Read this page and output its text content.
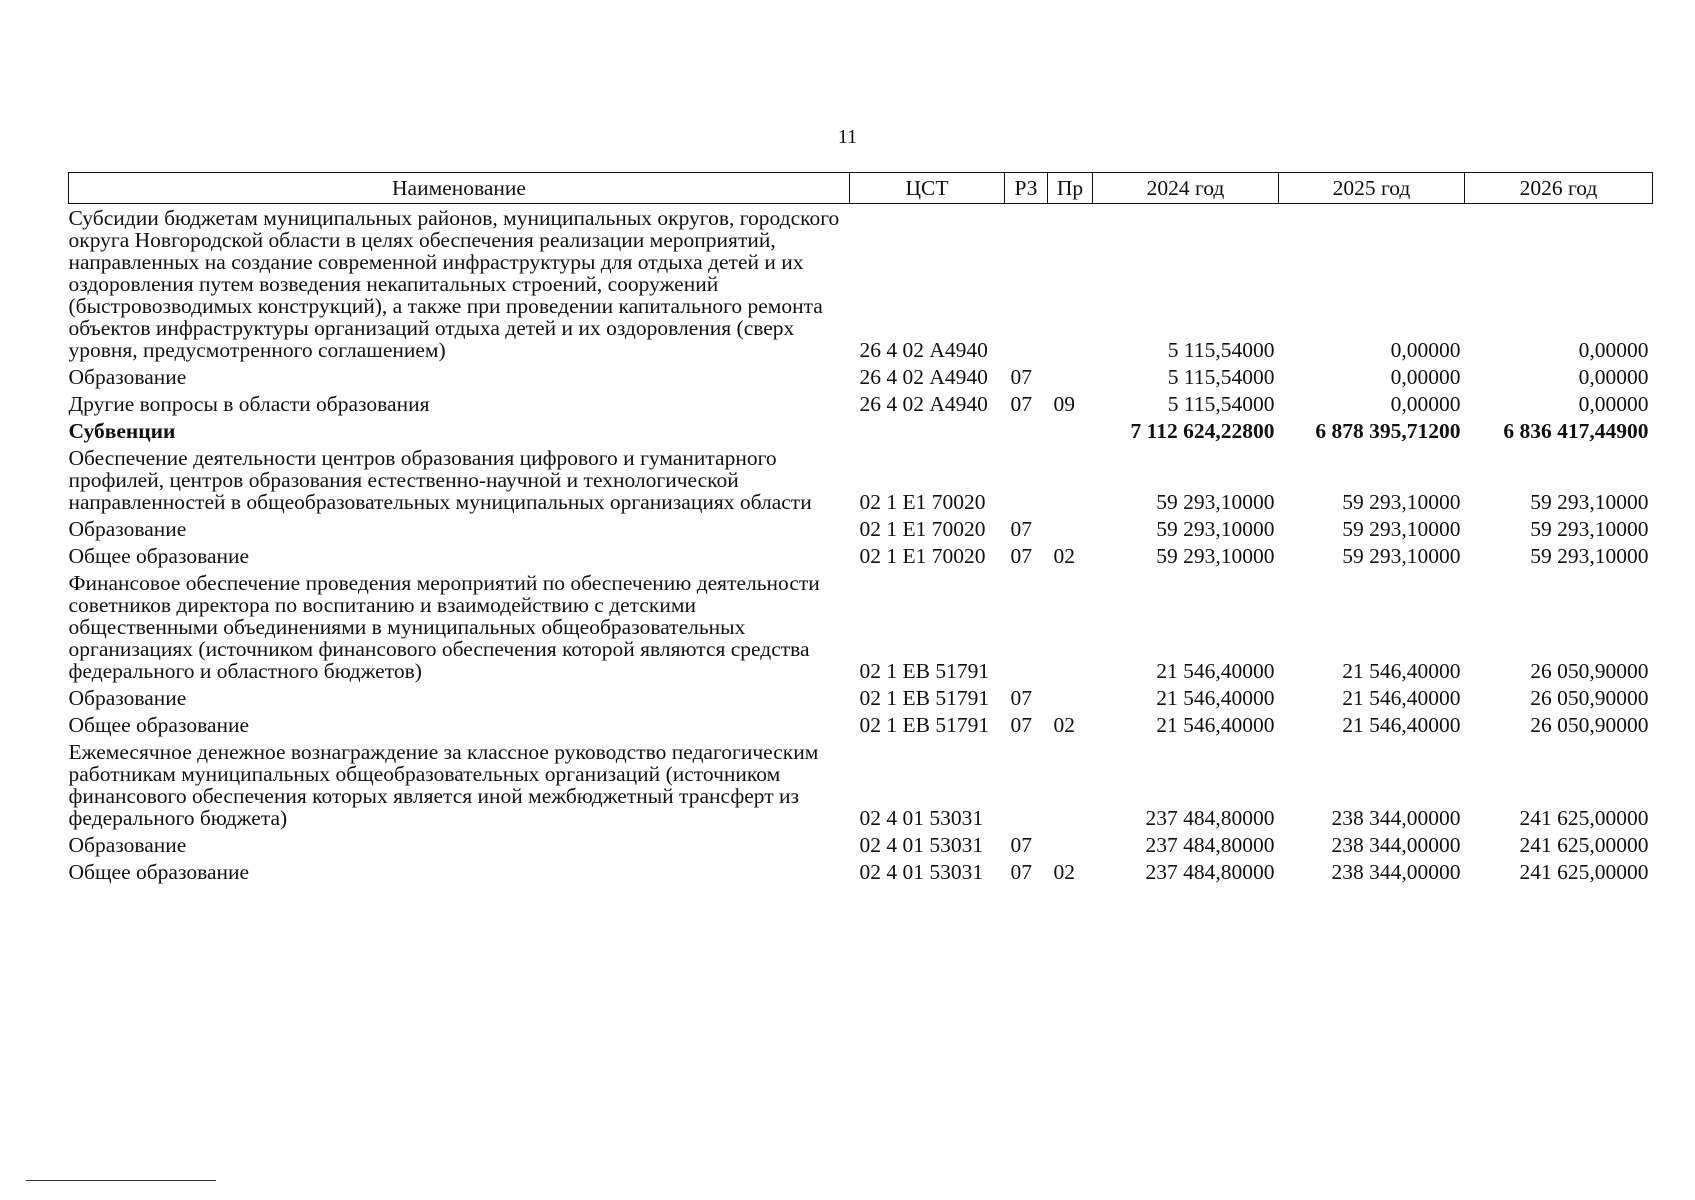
11
Наименование	ЦСТ	РЗ	Пр	2024 год	2025 год	2026 год
Субсидии бюджетам муниципальных районов, муниципальных округов, городского округа Новгородской области в целях обеспечения реализации мероприятий, направленных на создание современной инфраструктуры для отдыха детей и их оздоровления путем возведения некапитальных строений, сооружений (быстровозводимых конструкций), а также при проведении капитального ремонта объектов инфраструктуры организаций отдыха детей и их оздоровления (сверх уровня, предусмотренного соглашением)	26 4 02 А4940			5 115,54000	0,00000	0,00000
Образование	26 4 02 А4940	07		5 115,54000	0,00000	0,00000
Другие вопросы в области образования	26 4 02 А4940	07	09	5 115,54000	0,00000	0,00000
Субвенции				7 112 624,22800	6 878 395,71200	6 836 417,44900
Обеспечение деятельности центров образования цифрового и гуманитарного профилей, центров образования естественно-научной и технологической направленностей в общеобразовательных муниципальных организациях области	02 1 Е1 70020			59 293,10000	59 293,10000	59 293,10000
Образование	02 1 Е1 70020	07		59 293,10000	59 293,10000	59 293,10000
Общее образование	02 1 Е1 70020	07	02	59 293,10000	59 293,10000	59 293,10000
Финансовое обеспечение проведения мероприятий по обеспечению деятельности советников директора по воспитанию и взаимодействию с детскими общественными объединениями в муниципальных общеобразовательных организациях (источником финансового обеспечения которой являются средства федерального и областного бюджетов)	02 1 ЕВ 51791			21 546,40000	21 546,40000	26 050,90000
Образование	02 1 ЕВ 51791	07		21 546,40000	21 546,40000	26 050,90000
Общее образование	02 1 ЕВ 51791	07	02	21 546,40000	21 546,40000	26 050,90000
Ежемесячное денежное вознаграждение за классное руководство педагогическим работникам муниципальных общеобразовательных организаций (источником финансового обеспечения которых является иной межбюджетный трансферт из федерального бюджета)	02 4 01 53031			237 484,80000	238 344,00000	241 625,00000
Образование	02 4 01 53031	07		237 484,80000	238 344,00000	241 625,00000
Общее образование	02 4 01 53031	07	02	237 484,80000	238 344,00000	241 625,00000
